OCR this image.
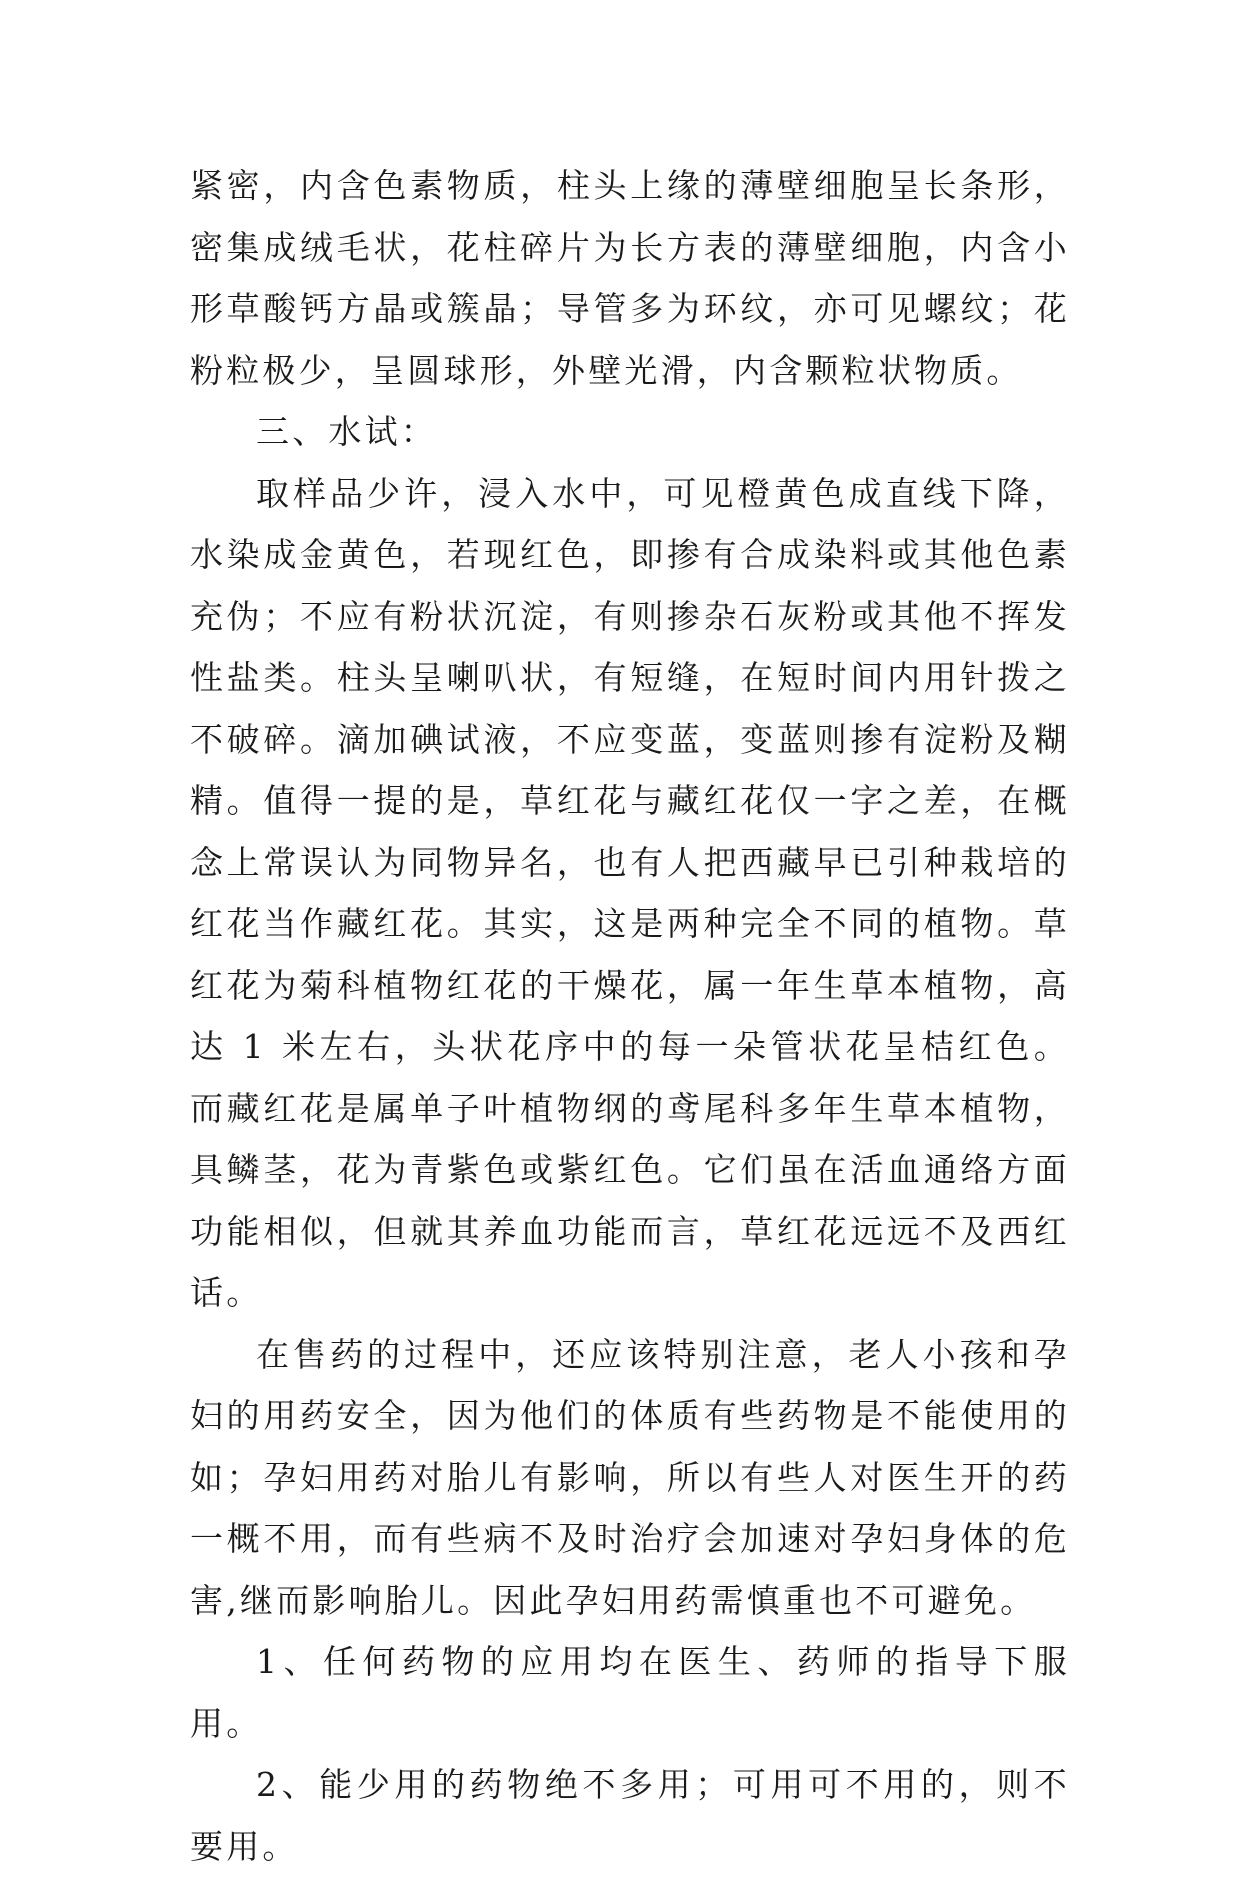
紧密，内含色素物质，柱头上缘的薄壁细胞呈长条形，密集成绒毛状，花柱碎片为长方表的薄壁细胞，内含小形草酸钙方晶或簇晶；导管多为环纹，亦可见螺纹；花粉粒极少，呈圆球形，外壁光滑，内含颗粒状物质。

三、水试：

取样品少许，浸入水中，可见橙黄色成直线下降，水染成金黄色，若现红色，即掺有合成染料或其他色素充伪；不应有粉状沉淀，有则掺杂石灰粉或其他不挥发性盐类。柱头呈喇叭状，有短缝，在短时间内用针拨之不破碎。滴加碘试液，不应变蓝，变蓝则掺有淀粉及糊精。值得一提的是，草红花与藏红花仅一字之差，在概念上常误认为同物异名，也有人把西藏早已引种栽培的红花当作藏红花。其实，这是两种完全不同的植物。草红花为菊科植物红花的干燥花，属一年生草本植物，高达 1 米左右，头状花序中的每一朵管状花呈桔红色。而藏红花是属单子叶植物纲的鸢尾科多年生草本植物，具鳞茎，花为青紫色或紫红色。它们虽在活血通络方面功能相似，但就其养血功能而言，草红花远远不及西红话。

在售药的过程中，还应该特别注意，老人小孩和孕妇的用药安全，因为他们的体质有些药物是不能使用的如；孕妇用药对胎儿有影响，所以有些人对医生开的药一概不用，而有些病不及时治疗会加速对孕妇身体的危害,继而影响胎儿。因此孕妇用药需慎重也不可避免。

1、任何药物的应用均在医生、药师的指导下服用。

2、能少用的药物绝不多用；可用可不用的，则不要用。
